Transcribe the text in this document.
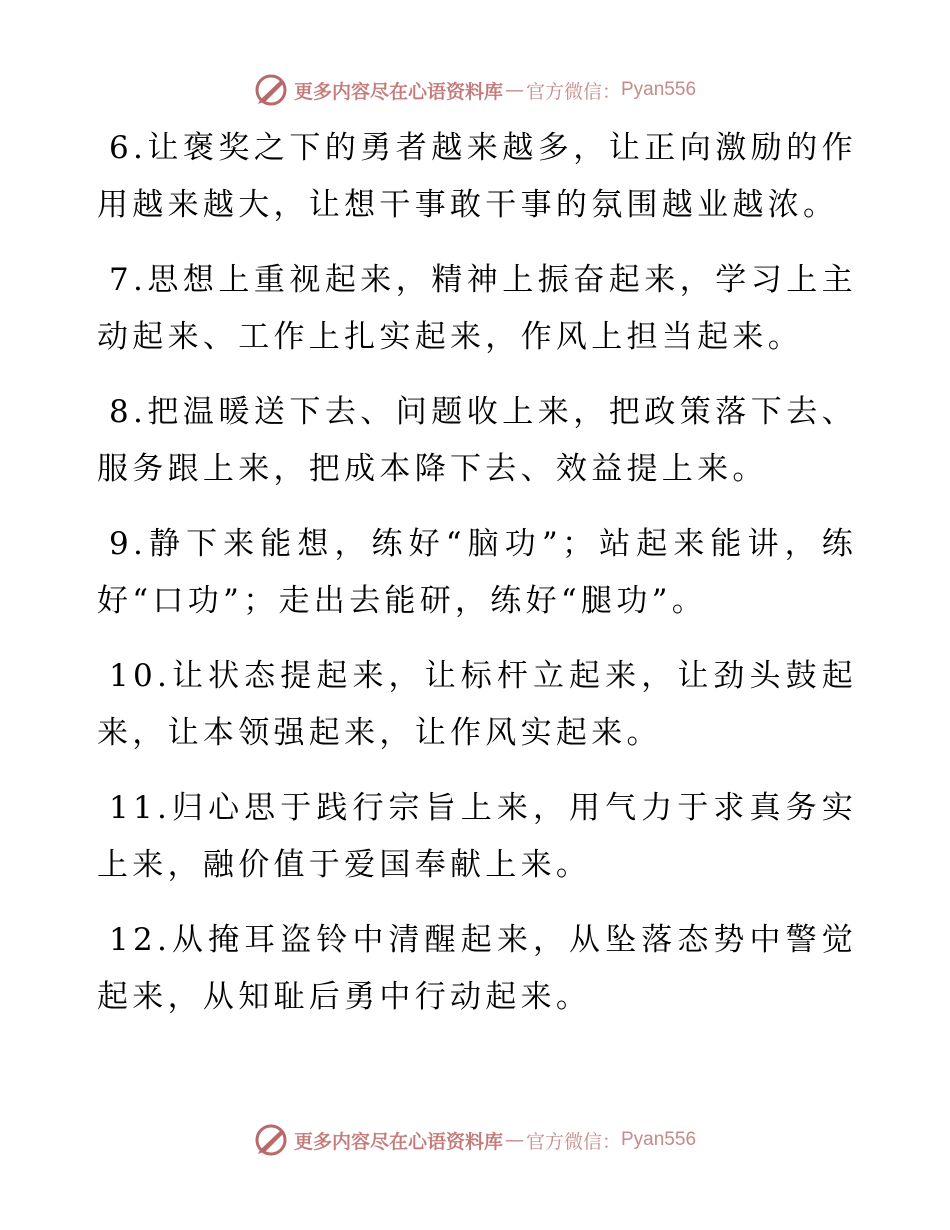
更多内容尽在心语资料库 — 官方微信： Pyan556

6.让褒奖之下的勇者越来越多，让正向激励的作用越来越大，让想干事敢干事的氛围越业越浓。

7.思想上重视起来，精神上振奋起来，学习上主动起来、工作上扎实起来，作风上担当起来。

8.把温暖送下去、问题收上来，把政策落下去、服务跟上来，把成本降下去、效益提上来。

9.静下来能想，练好“脑功”；站起来能讲，练好“口功”；走出去能研，练好“腿功”。

10.让状态提起来，让标杆立起来，让劲头鼓起来，让本领强起来，让作风实起来。

11.归心思于践行宗旨上来，用气力于求真务实上来，融价值于爱国奉献上来。

12.从掩耳盗铃中清醒起来，从坠落态势中警觉起来，从知耻后勇中行动起来。

更多内容尽在心语资料库 — 官方微信： Pyan556
